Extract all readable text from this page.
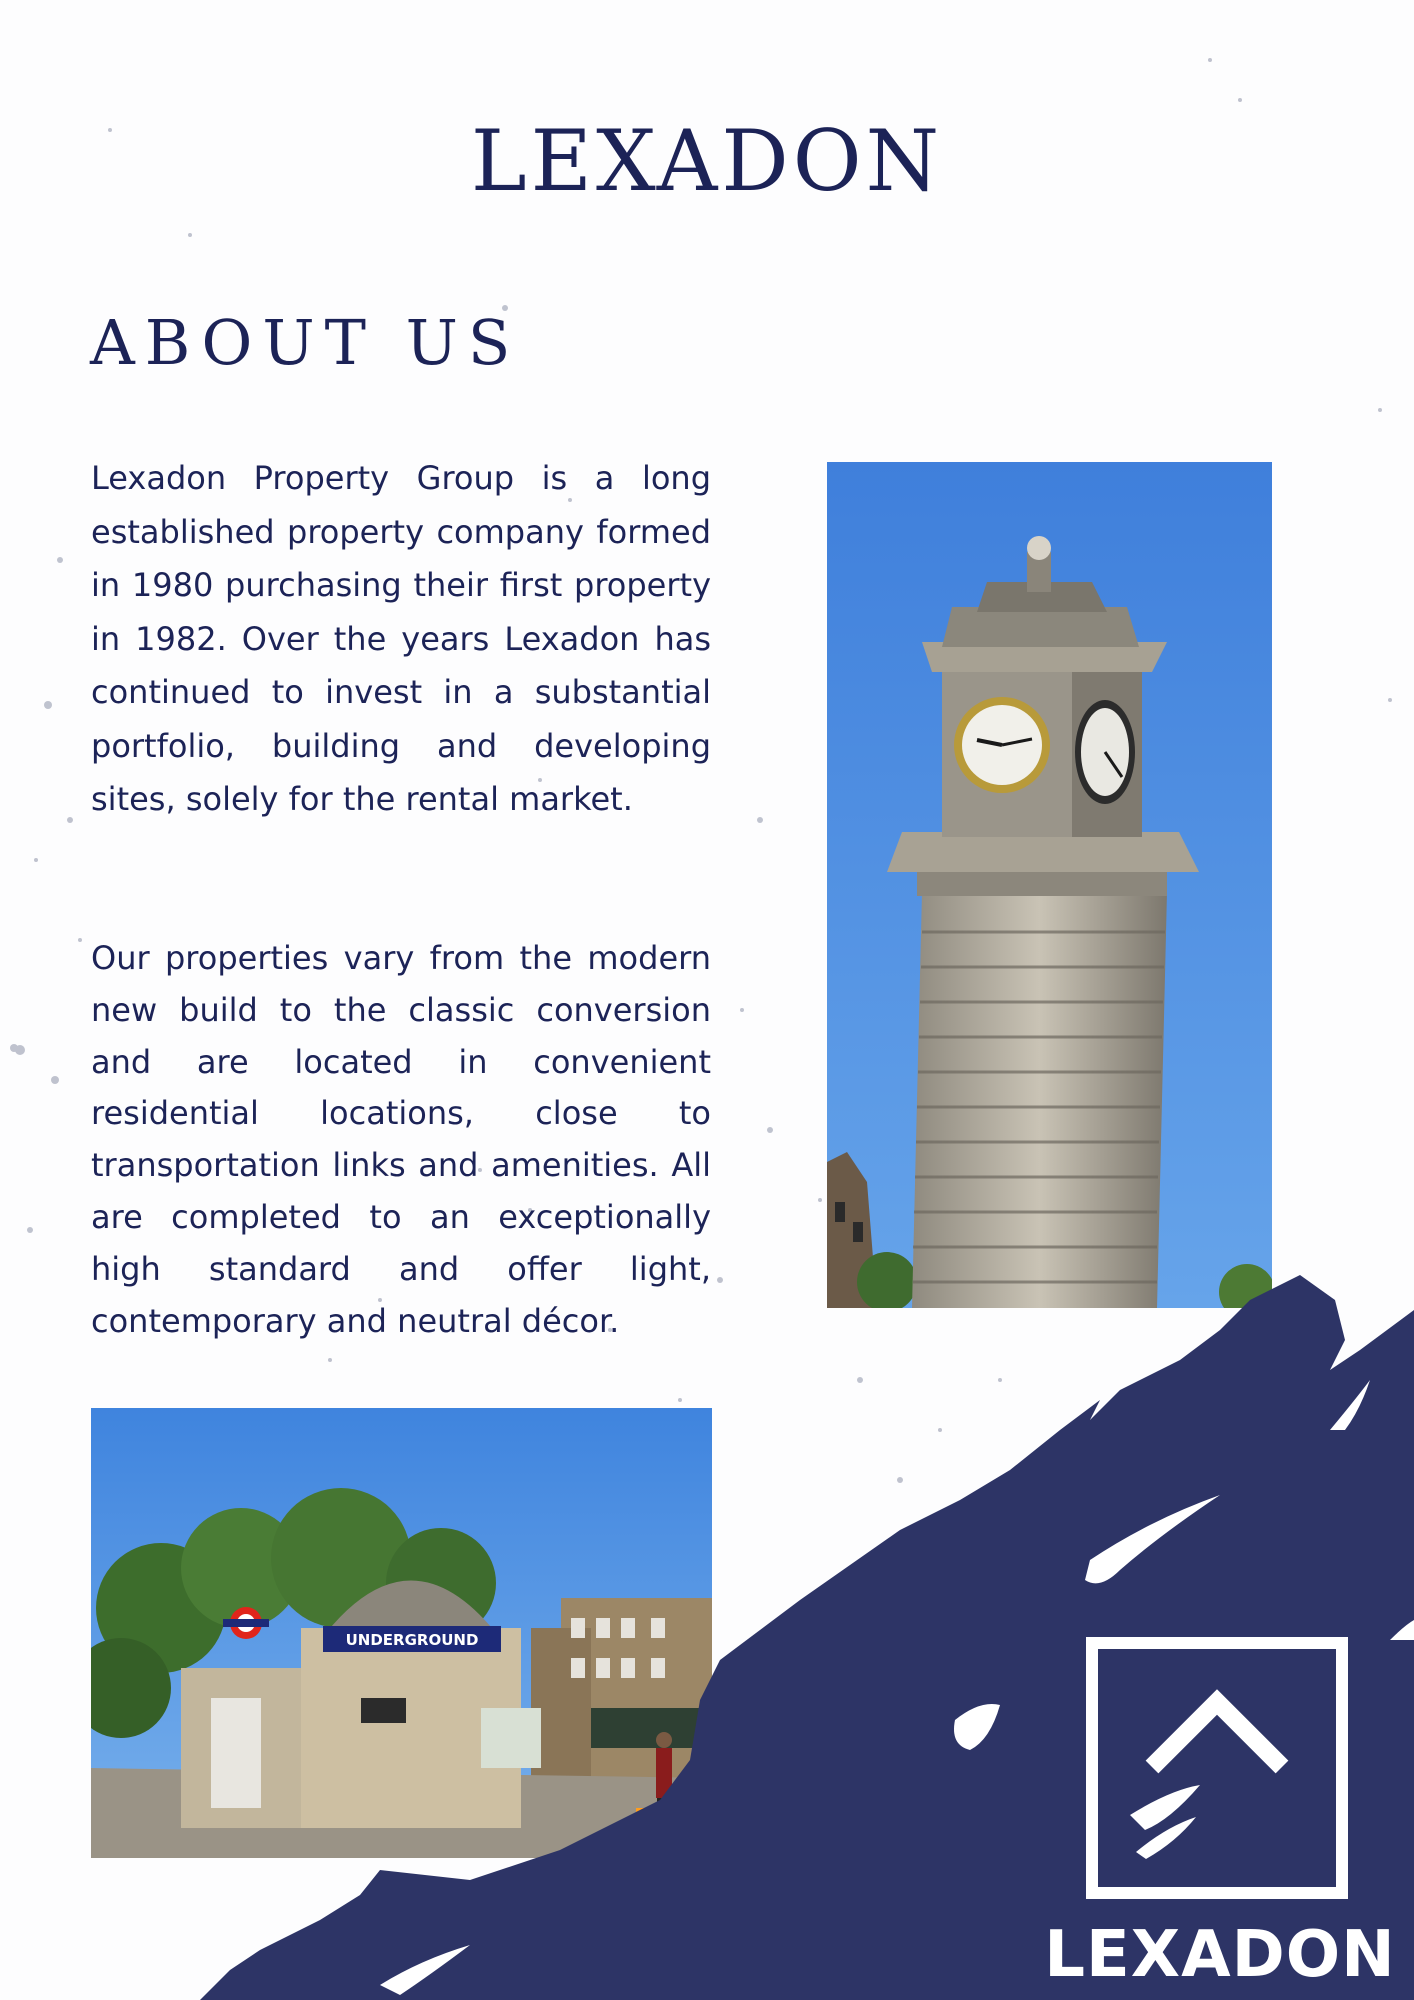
LEXADON
ABOUT US

Lexadon Property Group is a long established property company formed in 1980 purchasing their first property in 1982. Over the years Lexadon has continued to invest in a substantial portfolio, building and developing sites, solely for the rental market.

Our properties vary from the modern new build to the classic conversion and are located in convenient residential locations, close to transportation links and amenities. All are completed to an exceptionally high standard and offer light, contemporary and neutral décor.

UNDERGROUND

LEXADON
